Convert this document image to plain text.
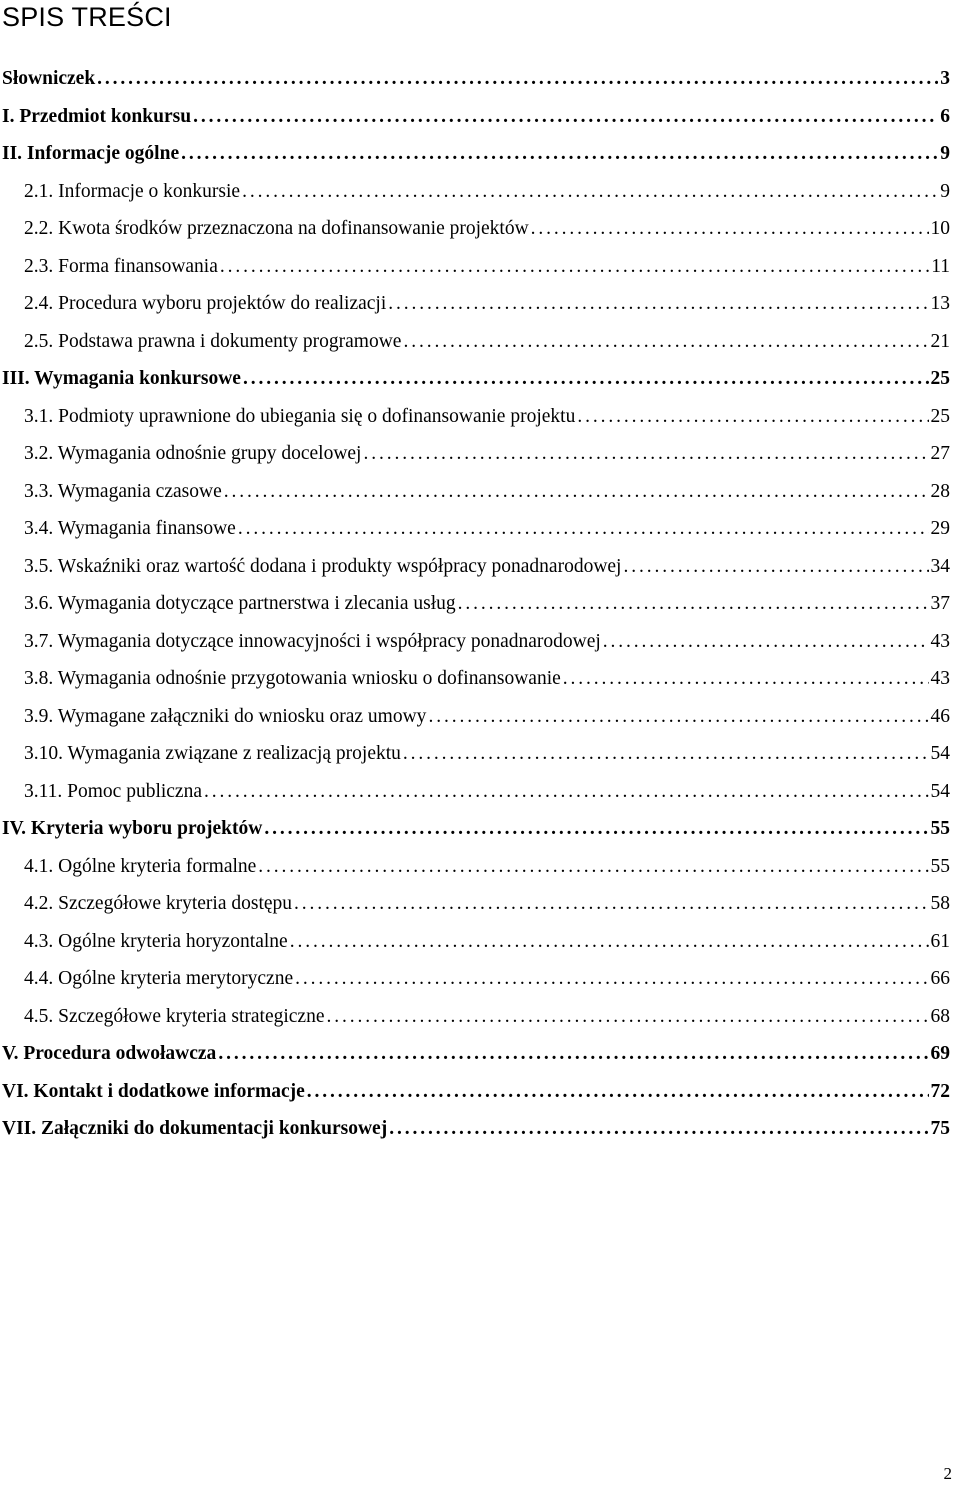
SPIS TREŚCI
Słowniczek . . .	3
I. Przedmiot konkursu . . .	6
II. Informacje ogólne . . .	9
2.1. Informacje o konkursie . . .	9
2.2. Kwota środków przeznaczona na dofinansowanie projektów . . .	10
2.3. Forma finansowania . . .	11
2.4. Procedura wyboru projektów do realizacji . . .	13
2.5. Podstawa prawna i dokumenty programowe . . .	21
III. Wymagania konkursowe . . .	25
3.1. Podmioty uprawnione do ubiegania się o dofinansowanie projektu . . .	25
3.2. Wymagania odnośnie grupy docelowej . . .	27
3.3. Wymagania czasowe . . .	28
3.4. Wymagania finansowe . . .	29
3.5. Wskaźniki oraz wartość dodana i produkty współpracy ponadnarodowej . . .	34
3.6. Wymagania dotyczące partnerstwa i zlecania usług . . .	37
3.7. Wymagania dotyczące innowacyjności i współpracy ponadnarodowej . . .	43
3.8. Wymagania odnośnie przygotowania wniosku o dofinansowanie . . .	43
3.9. Wymagane załączniki do wniosku oraz umowy . . .	46
3.10. Wymagania związane z realizacją projektu . . .	54
3.11. Pomoc publiczna . . .	54
IV. Kryteria wyboru projektów . . .	55
4.1. Ogólne kryteria formalne . . .	55
4.2. Szczegółowe kryteria dostępu . . .	58
4.3. Ogólne kryteria horyzontalne . . .	61
4.4. Ogólne kryteria merytoryczne . . .	66
4.5. Szczegółowe kryteria strategiczne . . .	68
V. Procedura odwoławcza . . .	69
VI. Kontakt i dodatkowe informacje . . .	72
VII. Załączniki do dokumentacji konkursowej . . .	75
2
